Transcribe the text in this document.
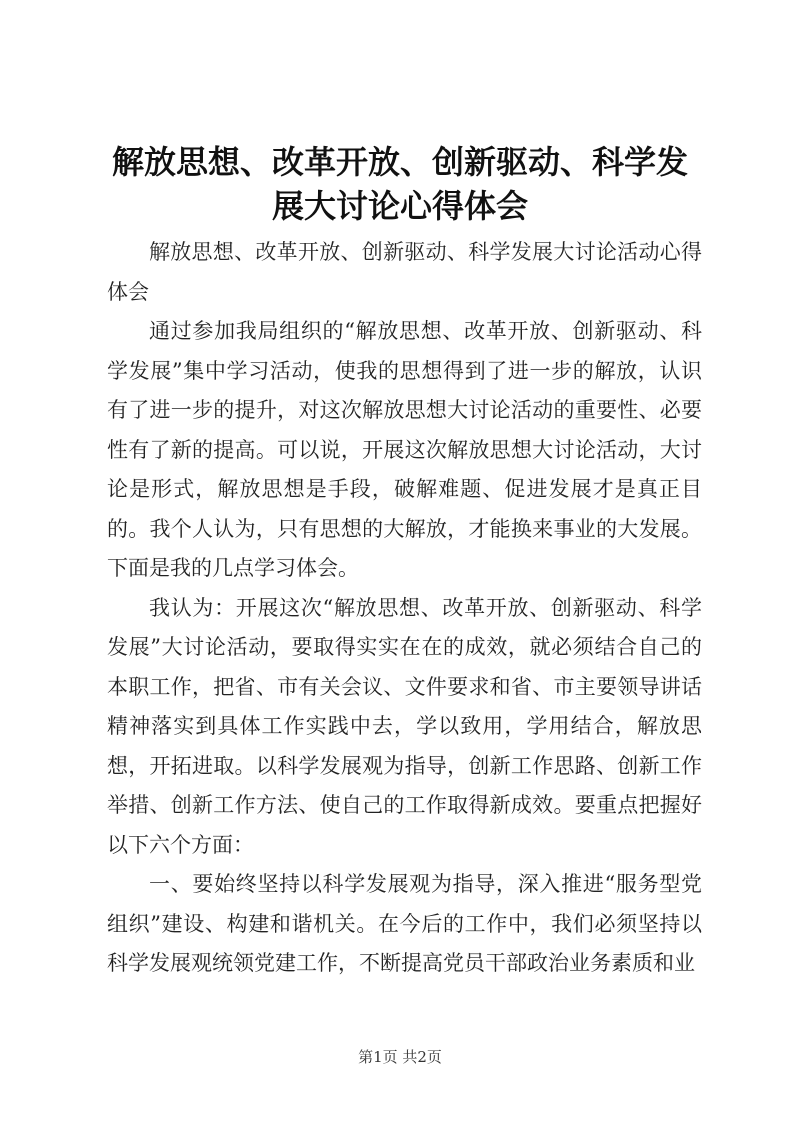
解放思想、改革开放、创新驱动、科学发展大讨论心得体会

解放思想、改革开放、创新驱动、科学发展大讨论活动心得体会

通过参加我局组织的“解放思想、改革开放、创新驱动、科学发展”集中学习活动，使我的思想得到了进一步的解放，认识有了进一步的提升，对这次解放思想大讨论活动的重要性、必要性有了新的提高。可以说，开展这次解放思想大讨论活动，大讨论是形式，解放思想是手段，破解难题、促进发展才是真正目的。我个人认为，只有思想的大解放，才能换来事业的大发展。下面是我的几点学习体会。

我认为：开展这次“解放思想、改革开放、创新驱动、科学发展”大讨论活动，要取得实实在在的成效，就必须结合自己的本职工作，把省、市有关会议、文件要求和省、市主要领导讲话精神落实到具体工作实践中去，学以致用，学用结合，解放思想，开拓进取。以科学发展观为指导，创新工作思路、创新工作举措、创新工作方法、使自己的工作取得新成效。要重点把握好以下六个方面：

一、要始终坚持以科学发展观为指导，深入推进“服务型党组织”建设、构建和谐机关。在今后的工作中，我们必须坚持以科学发展观统领党建工作，不断提高党员干部政治业务素质和业

第1页 共2页
